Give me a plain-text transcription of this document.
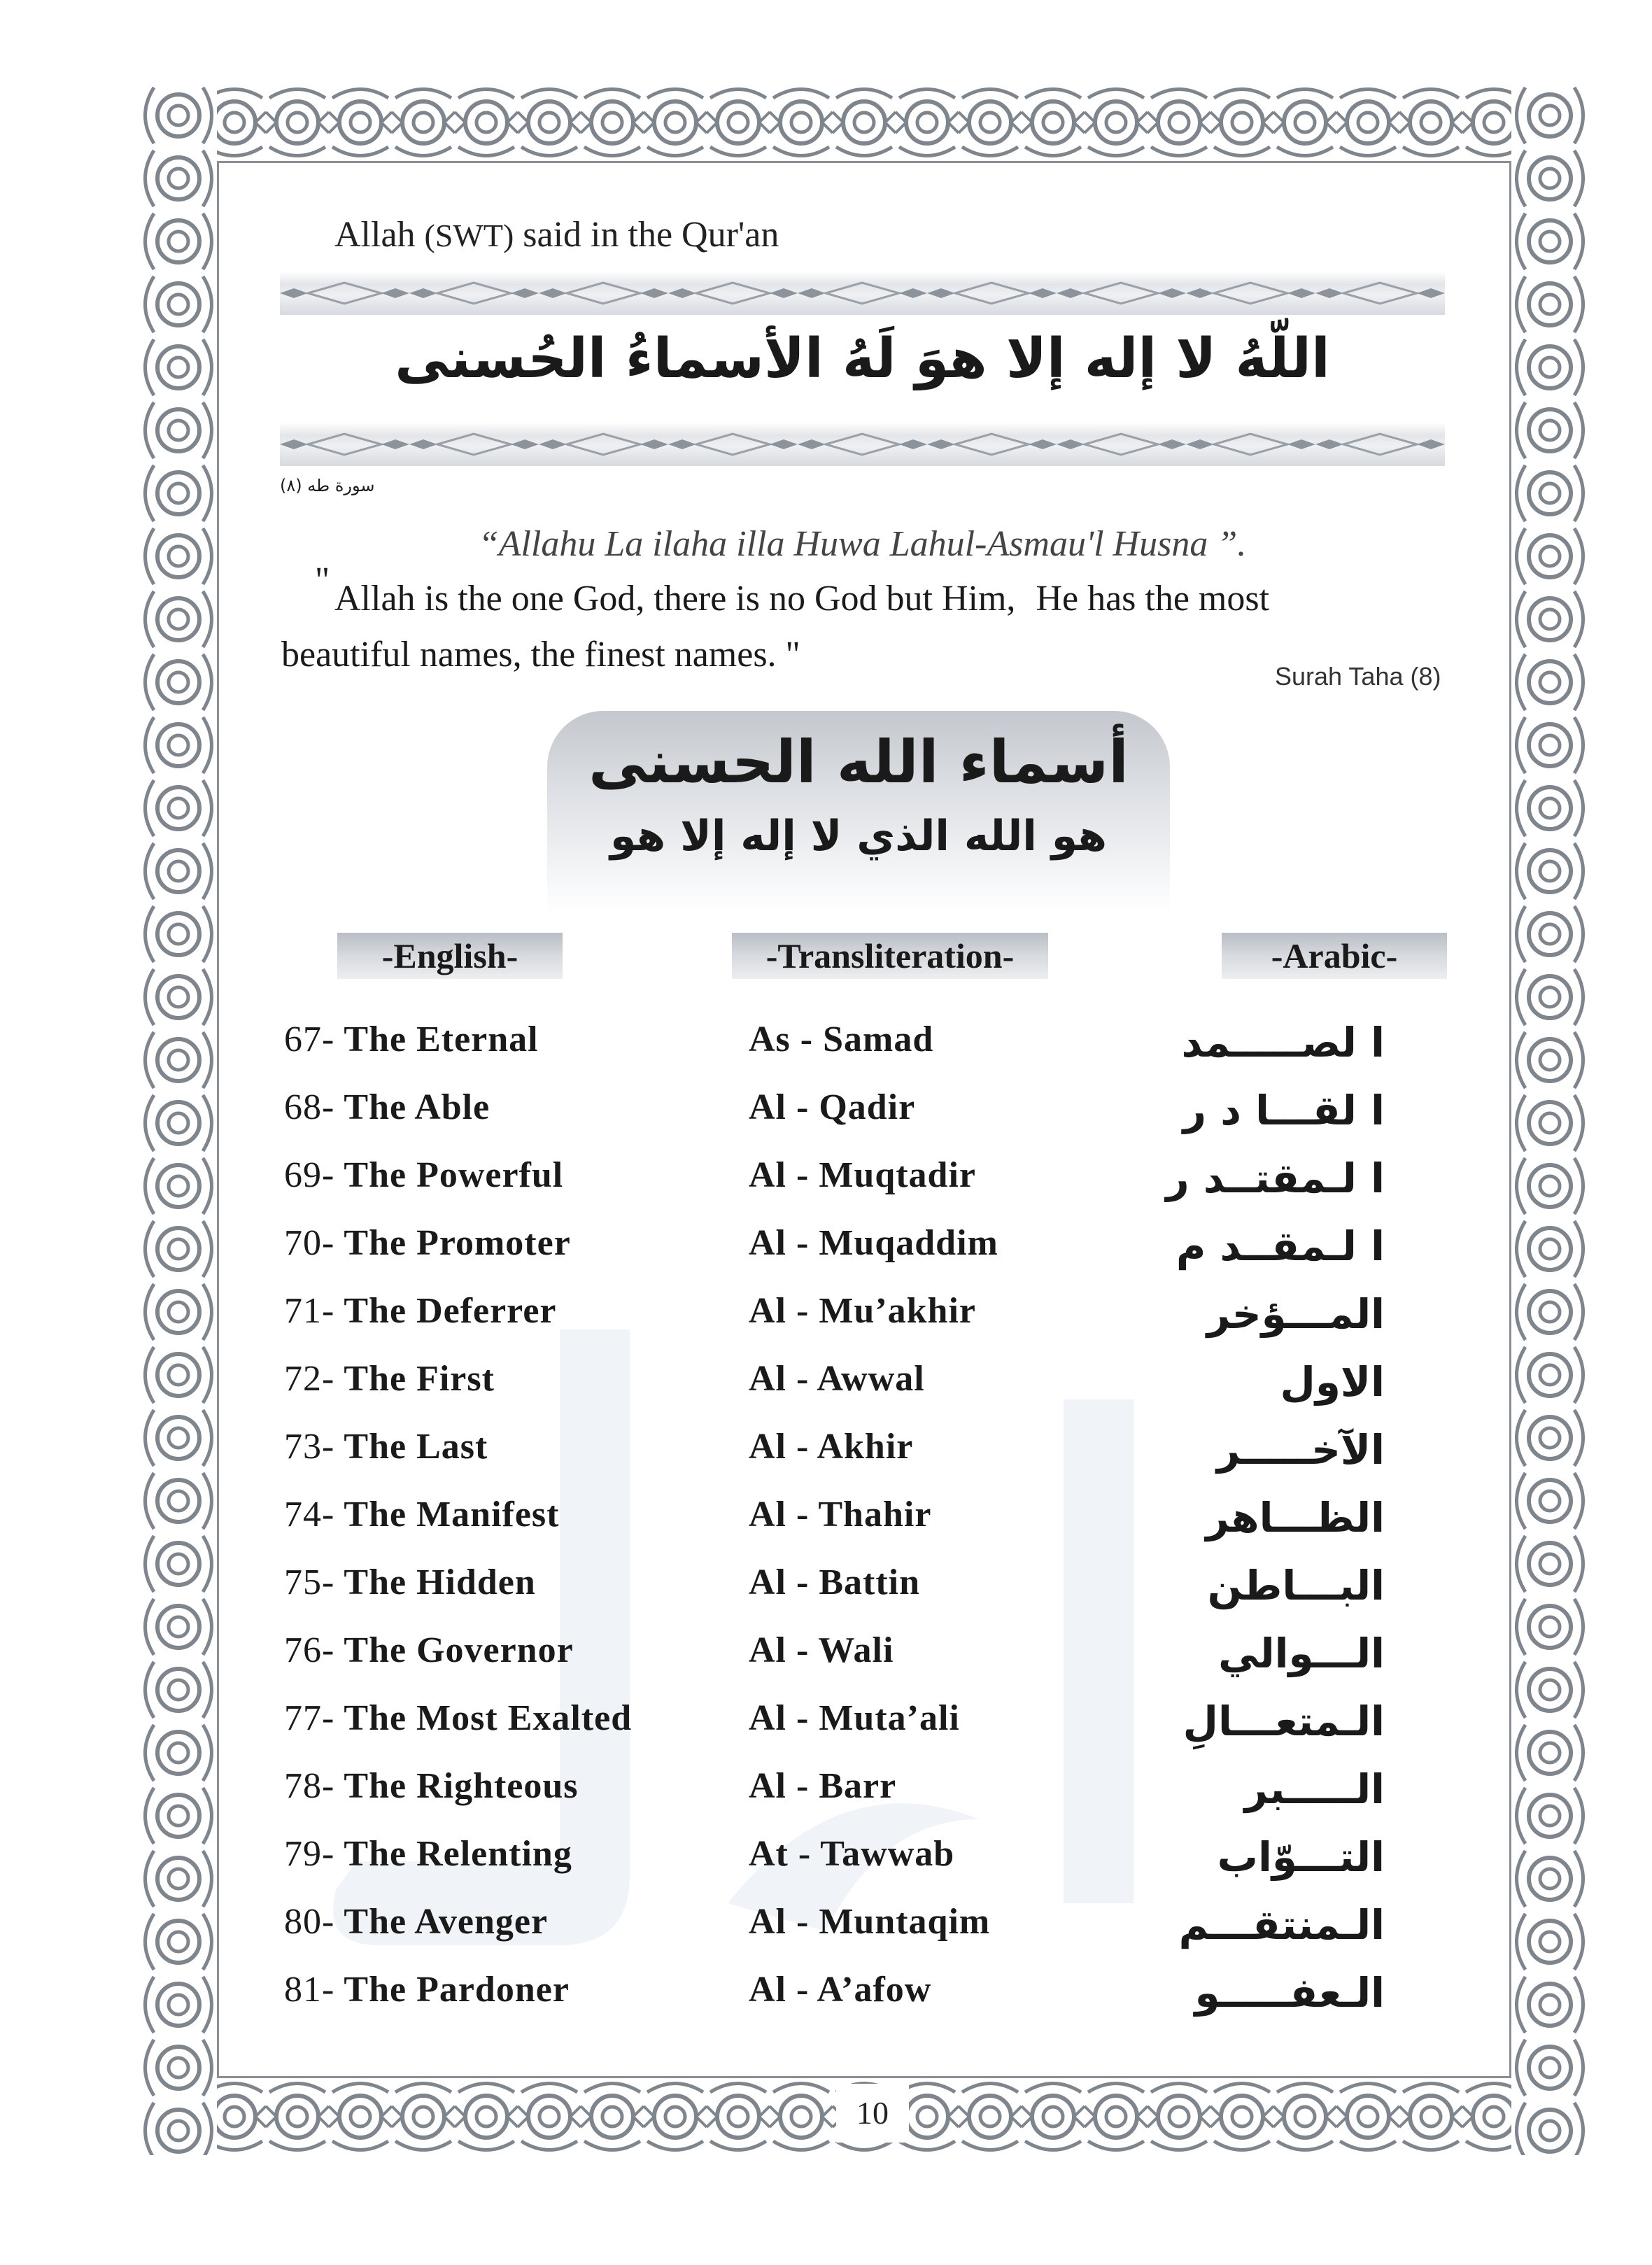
Allah (SWT) said in the Qur'an
اللّهُ لا إله إلا هوَ لَهُ الأسماءُ الحُسنى
سورة طه (٨)
“Allahu La ilaha illa Huwa Lahul-Asmau'l Husna ”.
" Allah is the one God, there is no God but Him, He has the most
beautiful names, the finest names. "
Surah Taha (8)
أسماء الله الحسنى
هو الله الذي لا إله إلا هو
-English-	-Transliteration-	-Arabic-
67- The Eternal	As - Samad	ا لصـــــمد
68- The Able	Al - Qadir	ا لقـــا د ر
69- The Powerful	Al - Muqtadir	ا لـمقتــد ر
70- The Promoter	Al - Muqaddim	ا لـمقــد م
71- The Deferrer	Al - Mu’akhir	المـــؤخر
72- The First	Al - Awwal	الاول
73- The Last	Al - Akhir	الآخـــــر
74- The Manifest	Al - Thahir	الظـــاهر
75- The Hidden	Al - Battin	البـــاطن
76- The Governor	Al - Wali	الـــوالي
77- The Most Exalted	Al - Muta’ali	الـمتعـــالِ
78- The Righteous	Al - Barr	الـــــبر
79- The Relenting	At - Tawwab	التـــوّاب
80- The Avenger	Al - Muntaqim	الـمنتقـــم
81- The Pardoner	Al - A’afow	الـعفـــــو
10
